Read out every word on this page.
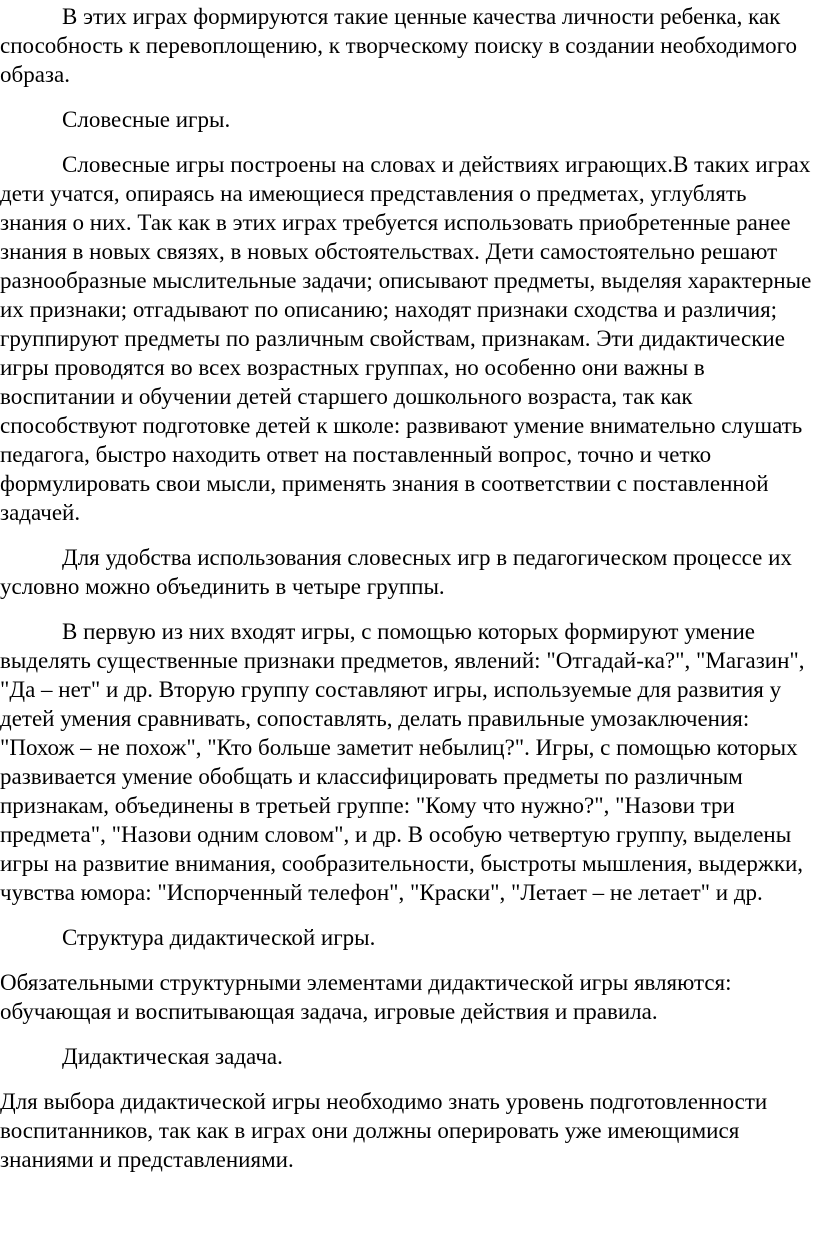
В этих играх формируются такие ценные качества личности ребенка, как способность к перевоплощению, к творческому поиску в создании необходимого образа.

Словесные игры.

Словесные игры построены на словах и действиях играющих.В таких играх дети учатся, опираясь на имеющиеся представления о предметах, углублять знания о них. Так как в этих играх требуется использовать приобретенные ранее знания в новых связях, в новых обстоятельствах. Дети самостоятельно решают разнообразные мыслительные задачи; описывают предметы, выделяя характерные их признаки; отгадывают по описанию; находят признаки сходства и различия; группируют предметы по различным свойствам, признакам. Эти дидактические игры проводятся во всех возрастных группах, но особенно они важны в воспитании и обучении детей старшего дошкольного возраста, так как способствуют подготовке детей к школе: развивают умение внимательно слушать педагога, быстро находить ответ на поставленный вопрос, точно и четко формулировать свои мысли, применять знания в соответствии с поставленной задачей.

Для удобства использования словесных игр в педагогическом процессе их условно можно объединить в четыре группы.

В первую из них входят игры, с помощью которых формируют умение выделять существенные признаки предметов, явлений: "Отгадай-ка?", "Магазин", "Да – нет" и др. Вторую группу составляют игры, используемые для развития у детей умения сравнивать, сопоставлять, делать правильные умозаключения: "Похож – не похож", "Кто больше заметит небылиц?". Игры, с помощью которых развивается умение обобщать и классифицировать предметы по различным признакам, объединены в третьей группе: "Кому что нужно?", "Назови три предмета", "Назови одним словом", и др. В особую четвертую группу, выделены игры на развитие внимания, сообразительности, быстроты мышления, выдержки, чувства юмора: "Испорченный телефон", "Краски", "Летает – не летает" и др.

Структура дидактической игры.

Обязательными структурными элементами дидактической игры являются: обучающая и воспитывающая задача, игровые действия и правила.

Дидактическая задача.

Для выбора дидактической игры необходимо знать уровень подготовленности воспитанников, так как в играх они должны оперировать уже имеющимися знаниями и представлениями.
